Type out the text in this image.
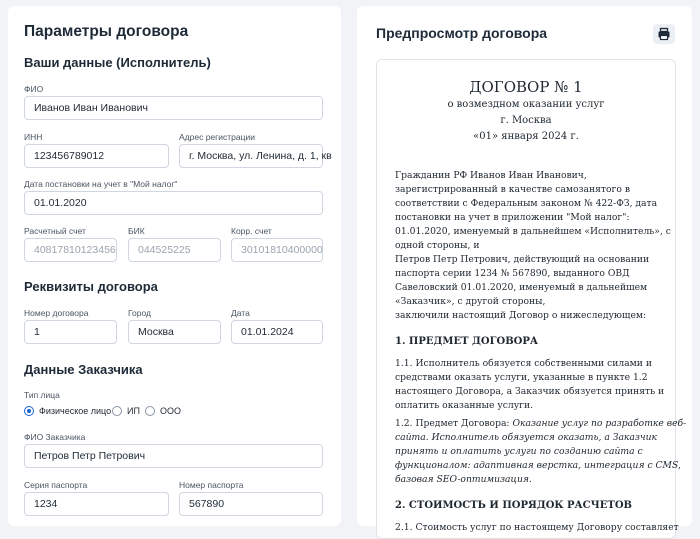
Параметры договора
Ваши данные (Исполнитель)
ФИО
Иванов Иван Иванович
ИНН
123456789012
Адрес регистрации
г. Москва, ул. Ленина, д. 1, кв
Дата постановки на учет в "Мой налог"
01.01.2020
Расчетный счет
40817810123456
БИК
044525225
Корр. счет
30101810400000
Реквизиты договора
Номер договора
1
Город
Москва
Дата
01.01.2024
Данные Заказчика
Тип лица
Физическое лицо ИП ООО
ФИО Заказчика
Петров Петр Петрович
Серия паспорта
1234
Номер паспорта
567890
Предпросмотр договора
ДОГОВОР № 1
о возмездном оказании услуг
г. Москва
«01» января 2024 г.
Гражданин РФ Иванов Иван Иванович,
зарегистрированный в качестве самозанятого в
соответствии с Федеральным законом № 422-ФЗ, дата
постановки на учет в приложении "Мой налог":
01.01.2020, именуемый в дальнейшем «Исполнитель», с
одной стороны, и
Петров Петр Петрович, действующий на основании
паспорта серии 1234 № 567890, выданного ОВД
Савеловский 01.01.2020, именуемый в дальнейшем
«Заказчик», с другой стороны,
заключили настоящий Договор о нижеследующем:
1. ПРЕДМЕТ ДОГОВОРА
1.1. Исполнитель обязуется собственными силами и
средствами оказать услуги, указанные в пункте 1.2
настоящего Договора, а Заказчик обязуется принять и
оплатить оказанные услуги.
1.2. Предмет Договора: Оказание услуг по разработке веб-
сайта. Исполнитель обязуется оказать, а Заказчик
принять и оплатить услуги по созданию сайта с
функционалом: адаптивная верстка, интеграция с CMS,
базовая SEO-оптимизация.
2. СТОИМОСТЬ И ПОРЯДОК РАСЧЕТОВ
2.1. Стоимость услуг по настоящему Договору составляет
